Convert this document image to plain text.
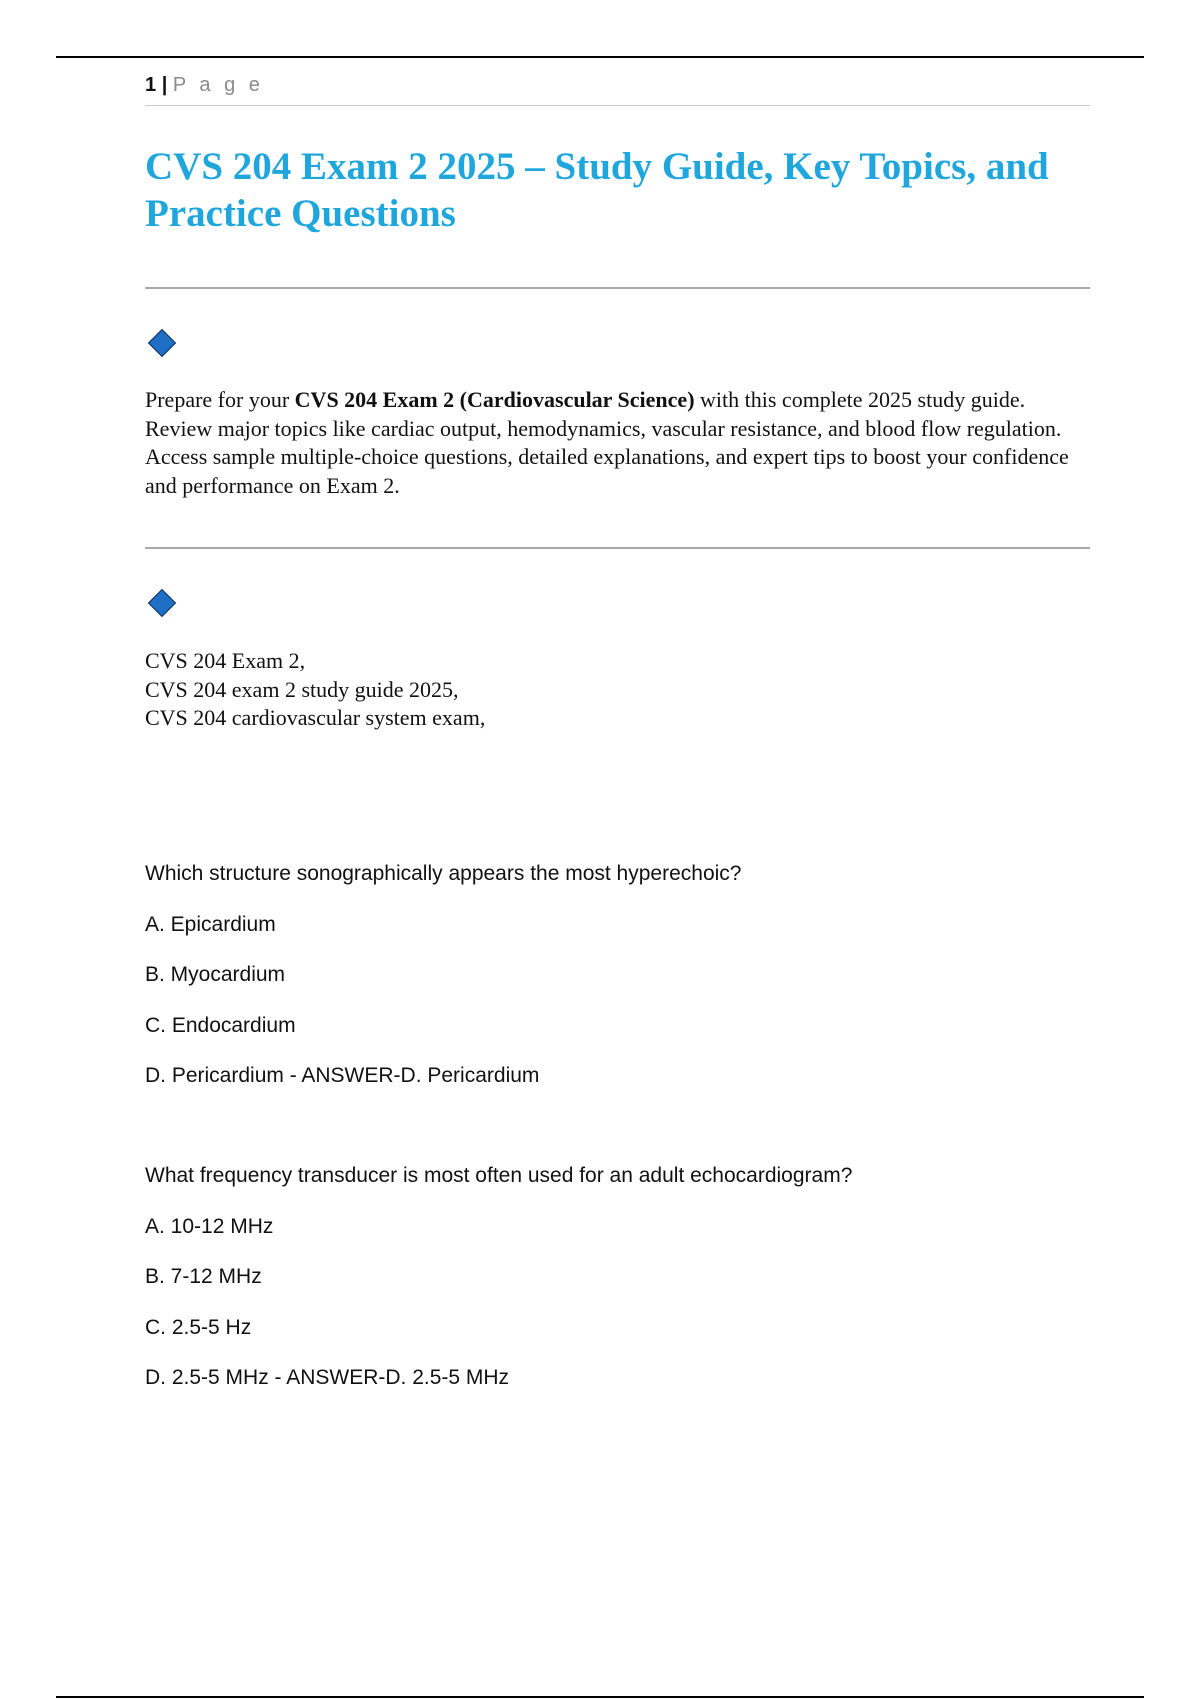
1 | P a g e
CVS 204 Exam 2 2025 – Study Guide, Key Topics, and Practice Questions

Prepare for your CVS 204 Exam 2 (Cardiovascular Science) with this complete 2025 study guide. Review major topics like cardiac output, hemodynamics, vascular resistance, and blood flow regulation. Access sample multiple-choice questions, detailed explanations, and expert tips to boost your confidence and performance on Exam 2.

CVS 204 Exam 2,
CVS 204 exam 2 study guide 2025,
CVS 204 cardiovascular system exam,

Which structure sonographically appears the most hyperechoic?

A. Epicardium

B. Myocardium

C. Endocardium

D. Pericardium - ANSWER-D. Pericardium

What frequency transducer is most often used for an adult echocardiogram?

A. 10-12 MHz

B. 7-12 MHz

C. 2.5-5 Hz

D. 2.5-5 MHz - ANSWER-D. 2.5-5 MHz
